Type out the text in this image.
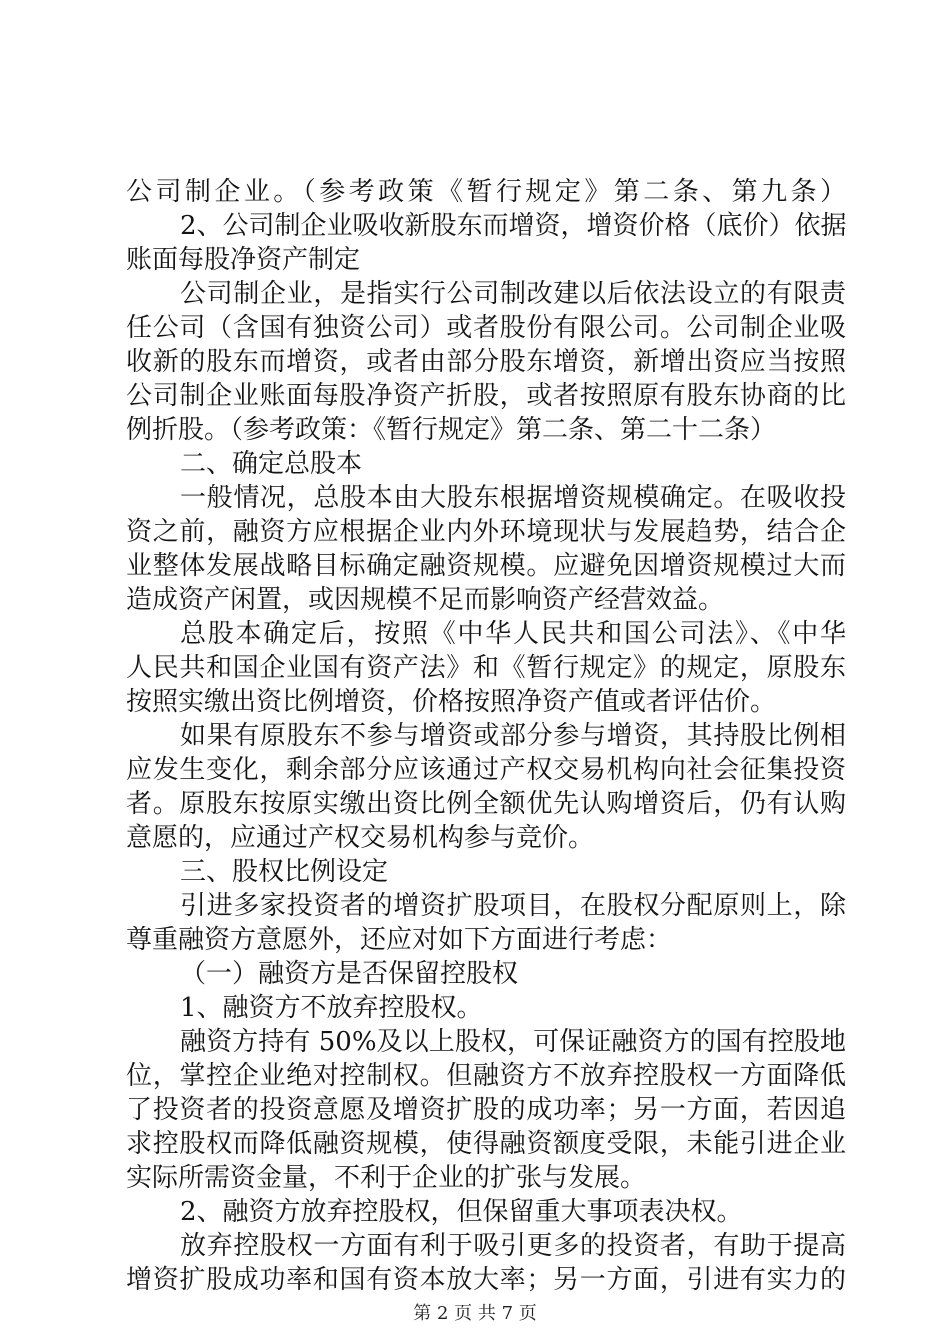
公司制企业。（参考政策《暂行规定》第二条、第九条）
2、公司制企业吸收新股东而增资，增资价格（底价）依据
账面每股净资产制定
公司制企业，是指实行公司制改建以后依法设立的有限责
任公司（含国有独资公司）或者股份有限公司。公司制企业吸
收新的股东而增资，或者由部分股东增资，新增出资应当按照
公司制企业账面每股净资产折股，或者按照原有股东协商的比
例折股。（参考政策：《暂行规定》第二条、第二十二条）
二、确定总股本
一般情况，总股本由大股东根据增资规模确定。在吸收投
资之前，融资方应根据企业内外环境现状与发展趋势，结合企
业整体发展战略目标确定融资规模。应避免因增资规模过大而
造成资产闲置，或因规模不足而影响资产经营效益。
总股本确定后，按照《中华人民共和国公司法》、《中华
人民共和国企业国有资产法》和《暂行规定》的规定，原股东
按照实缴出资比例增资，价格按照净资产值或者评估价。
如果有原股东不参与增资或部分参与增资，其持股比例相
应发生变化，剩余部分应该通过产权交易机构向社会征集投资
者。原股东按原实缴出资比例全额优先认购增资后，仍有认购
意愿的，应通过产权交易机构参与竞价。
三、股权比例设定
引进多家投资者的增资扩股项目，在股权分配原则上，除
尊重融资方意愿外，还应对如下方面进行考虑：
（一）融资方是否保留控股权
1、融资方不放弃控股权。
融资方持有 50%及以上股权，可保证融资方的国有控股地
位，掌控企业绝对控制权。但融资方不放弃控股权一方面降低
了投资者的投资意愿及增资扩股的成功率；另一方面，若因追
求控股权而降低融资规模，使得融资额度受限，未能引进企业
实际所需资金量，不利于企业的扩张与发展。
2、融资方放弃控股权，但保留重大事项表决权。
放弃控股权一方面有利于吸引更多的投资者，有助于提高
增资扩股成功率和国有资本放大率；另一方面，引进有实力的
第 2 页 共 7 页
